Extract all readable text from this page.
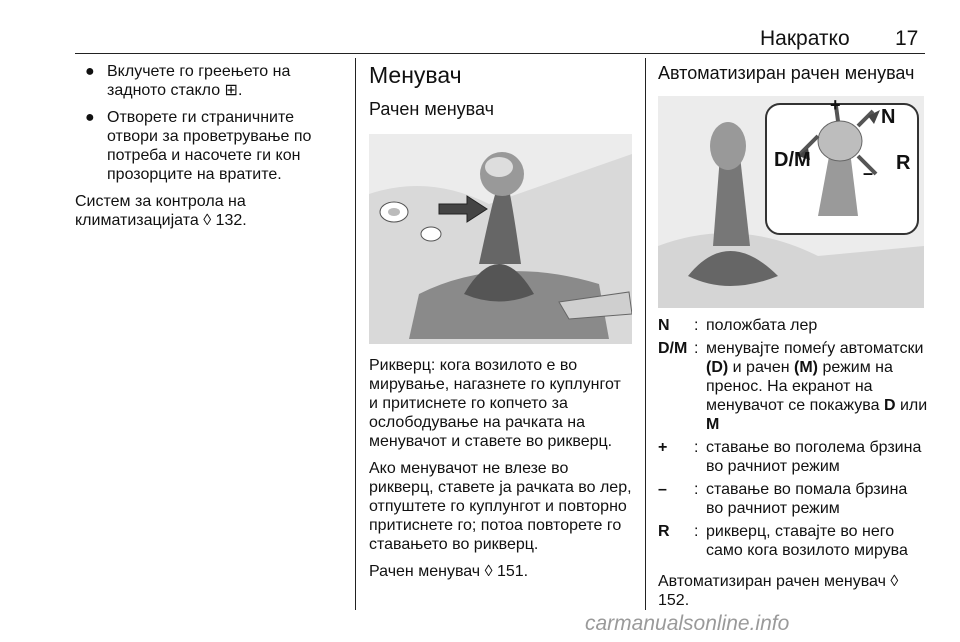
Накратко 17
● Вклучете го греењето на задното стакло ⊞.
● Отворете ги страничните отвори за проветрување по потреба и насочете ги кон прозорците на вратите.

Систем за контрола на климатизацијата ◊ 132.

Менувач
Рачен менувач

Рикверц: кога возилото е во мирување, нагазнете го куплунгот и притиснете го копчето за ослободување на рачката на менувачот и ставете во рикверц.

Ако менувачот не влезе во рикверц, ставете ја рачката во лер, отпуштете го куплунгот и повторно притиснете го; потоа повторете го ставањето во рикверц.

Рачен менувач ◊ 151.

Автоматизиран рачен менувач
D/M
N
R
+
–
N	: положбата лер
D/M : менувајте помеѓу автоматски (D) и рачен (M) режим на пренос. На екранот на менувачот се покажува D или M
+	: ставање во поголема брзина во рачниот режим
–	: ставање во помала брзина во рачниот режим
R	: рикверц, ставајте во него само кога возилото мирува

Автоматизиран рачен менувач ◊ 152.

carmanualsonline.info
